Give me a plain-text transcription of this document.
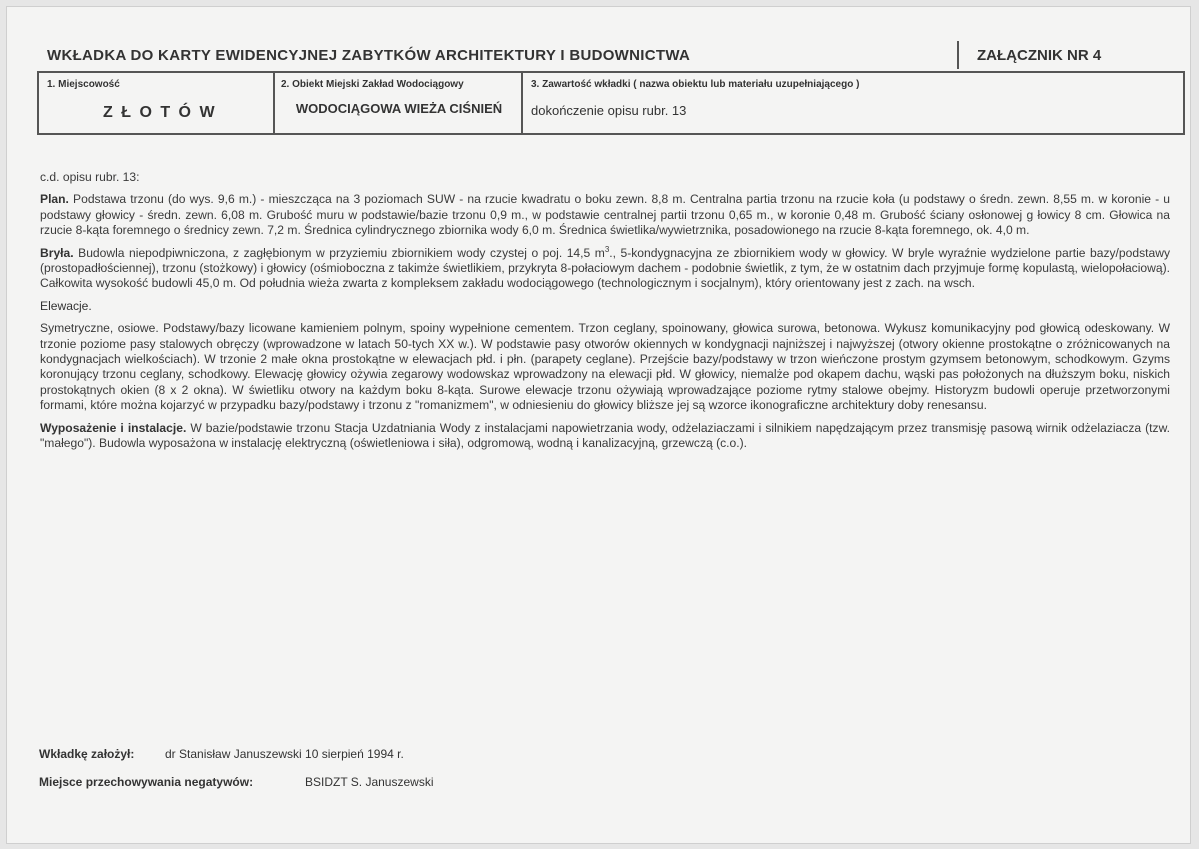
WKŁADKA DO KARTY EWIDENCYJNEJ ZABYTKÓW ARCHITEKTURY I BUDOWNICTWA	ZAŁĄCZNIK NR 4
1. Miejscowość
Z Ł O T Ó W
2. Obiekt Miejski Zakład Wodociągowy
WODOCIĄGOWA WIEŻA CIŚNIEŃ
3. Zawartość wkładki ( nazwa obiektu lub materiału uzupełniającego )
dokończenie opisu rubr. 13

c.d. opisu rubr. 13:

Plan. Podstawa trzonu (do wys. 9,6 m.) - mieszcząca na 3 poziomach SUW - na rzucie kwadratu o boku zewn. 8,8 m. Centralna partia trzonu na rzucie koła (u podstawy o średn. zewn. 8,55 m. w koronie - u podstawy głowicy - średn. zewn. 6,08 m. Grubość muru w podstawie/bazie trzonu 0,9 m., w podstawie centralnej partii trzonu 0,65 m., w koronie 0,48 m. Grubość ściany osłonowej g łowicy 8 cm. Głowica na rzucie 8-kąta foremnego o średnicy zewn. 7,2 m. Średnica cylindrycznego zbiornika wody 6,0 m. Średnica świetlika/wywietrznika, posadowionego na rzucie 8-kąta foremnego, ok. 4,0 m.

Bryła. Budowla niepodpiwniczona, z zagłębionym w przyziemiu zbiornikiem wody czystej o poj. 14,5 $m^3$., 5-kondygnacyjna ze zbiornikiem wody w głowicy. W bryle wyraźnie wydzielone partie bazy/podstawy (prostopadłościennej), trzonu (stożkowy) i głowicy (ośmioboczna z takimże świetlikiem, przykryta 8-połaciowym dachem - podobnie świetlik, z tym, że w ostatnim dach przyjmuje formę kopulastą, wielopołaciową). Całkowita wysokość budowli 45,0 m. Od południa wieża zwarta z kompleksem zakładu wodociągowego (technologicznym i socjalnym), który orientowany jest z zach. na wsch.

Elewacje.

Symetryczne, osiowe. Podstawy/bazy licowane kamieniem polnym, spoiny wypełnione cementem. Trzon ceglany, spoinowany, głowica surowa, betonowa. Wykusz komunikacyjny pod głowicą odeskowany. W trzonie poziome pasy stalowych obręczy (wprowadzone w latach 50-tych XX w.). W podstawie pasy otworów okiennych w kondygnacji najniższej i najwyższej (otwory okienne prostokątne o zróżnicowanych na kondygnacjach wielkościach). W trzonie 2 małe okna prostokątne w elewacjach płd. i płn. (parapety ceglane). Przejście bazy/podstawy w trzon wieńczone prostym gzymsem betonowym, schodkowym. Gzyms koronujący trzonu ceglany, schodkowy. Elewację głowicy ożywia zegarowy wodowskaz wprowadzony na elewacji płd. W głowicy, niemalże pod okapem dachu, wąski pas położonych na dłuższym boku, niskich prostokątnych okien (8 x 2 okna). W świetliku otwory na każdym boku 8-kąta. Surowe elewacje trzonu ożywiają wprowadzające poziome rytmy stalowe obejmy. Historyzm budowli operuje przetworzonymi formami, które można kojarzyć w przypadku bazy/podstawy i trzonu z "romanizmem", w odniesieniu do głowicy bliższe jej są wzorce ikonograficzne architektury doby renesansu.

Wyposażenie i instalacje. W bazie/podstawie trzonu Stacja Uzdatniania Wody z instalacjami napowietrzania wody, odżelaziaczami i silnikiem napędzającym przez transmisję pasową wirnik odżelaziacza (tzw. "małego"). Budowla wyposażona w instalację elektryczną (oświetleniowa i siła), odgromową, wodną i kanalizacyjną, grzewczą (c.o.).

Wkładkę założył:	dr Stanisław Januszewski 10 sierpień 1994 r.
Miejsce przechowywania negatywów:	BSIDZT S. Januszewski
